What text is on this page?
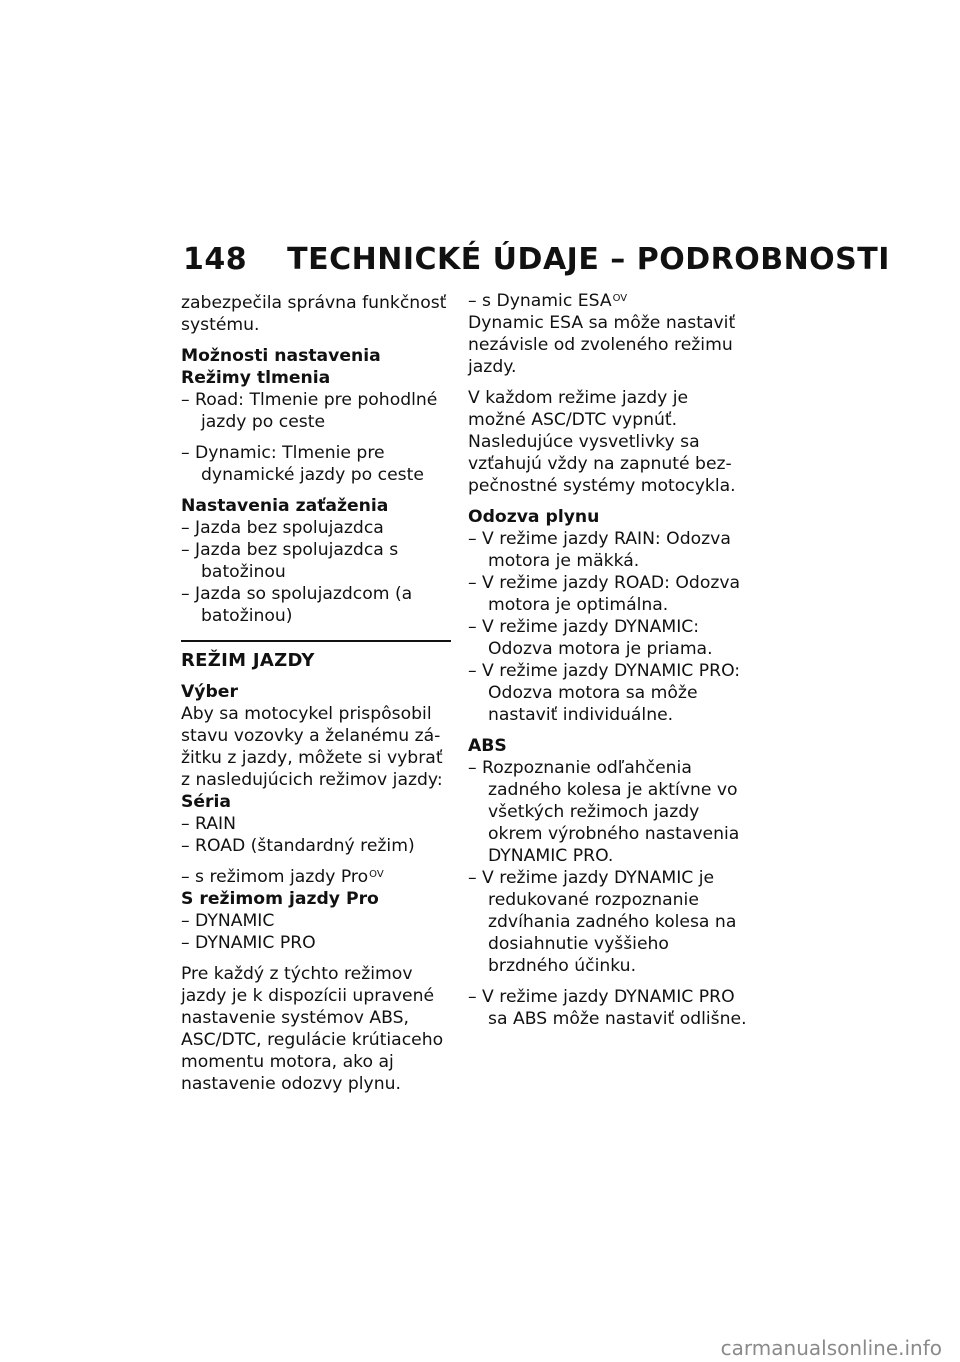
148 TECHNICKÉ ÚDAJE – PODROBNOSTI

zabezpečila správna funkčnosť

systému.

Možnosti nastavenia

Režimy tlmenia

– Road: Tlmenie pre pohodlné jazdy po ceste

– Dynamic: Tlmenie pre dynamické jazdy po ceste

Nastavenia zaťaženia

– Jazda bez spolujazdca

– Jazda bez spolujazdca s batožinou

– Jazda so spolujazdcom (a batožinou)

REŽIM JAZDY

Výber

Aby sa motocykel prispôsobil

stavu vozovky a želanému zá-

žitku z jazdy, môžete si vybrať

z nasledujúcich režimov jazdy:

Séria

– RAIN

– ROAD (štandardný režim)

– s režimom jazdy Pro$^{OV}$

S režimom jazdy Pro

– DYNAMIC

– DYNAMIC PRO

Pre každý z týchto režimov

jazdy je k dispozícii upravené

nastavenie systémov ABS,

ASC/DTC, regulácie krútiaceho

momentu motora, ako aj

nastavenie odozvy plynu.

– s Dynamic $ESA^{OV}$

Dynamic ESA sa môže nastaviť

nezávisle od zvoleného režimu

jazdy.

V každom režime jazdy je

možné ASC/DTC vypnúť.

Nasledujúce vysvetlivky sa

vzťahujú vždy na zapnuté bez-

pečnostné systémy motocykla.

Odozva plynu

– V režime jazdy RAIN: Odozva motora je mäkká.

– V režime jazdy ROAD: Odozva motora je optimálna.

– V režime jazdy DYNAMIC: Odozva motora je priama.

– V režime jazdy DYNAMIC PRO: Odozva motora sa môže nastaviť individuálne.

ABS

– Rozpoznanie odľahčenia zadného kolesa je aktívne vo všetkých režimoch jazdy okrem výrobného nastavenia DYNAMIC PRO.

– V režime jazdy DYNAMIC je redukované rozpoznanie zdvíhania zadného kolesa na dosiahnutie vyššieho brzdného účinku.

– V režime jazdy DYNAMIC PRO sa ABS môže nastaviť odlišne.

carmanualsonline.info
